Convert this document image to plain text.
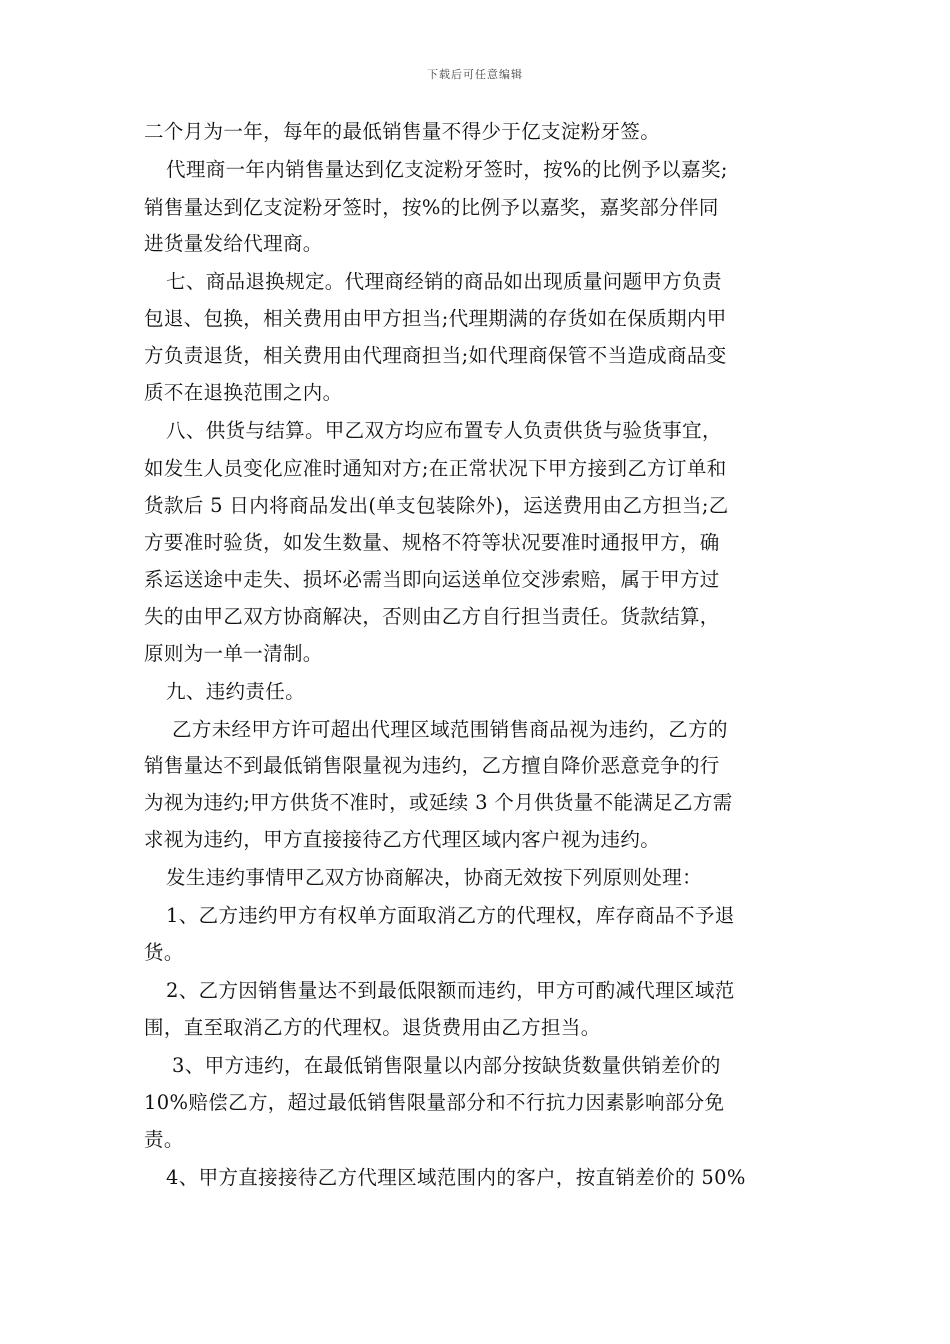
下载后可任意编辑
二个月为一年，每年的最低销售量不得少于亿支淀粉牙签。
代理商一年内销售量达到亿支淀粉牙签时，按%的比例予以嘉奖;
销售量达到亿支淀粉牙签时，按%的比例予以嘉奖，嘉奖部分伴同
进货量发给代理商。
七、商品退换规定。代理商经销的商品如出现质量问题甲方负责
包退、包换，相关费用由甲方担当;代理期满的存货如在保质期内甲
方负责退货，相关费用由代理商担当;如代理商保管不当造成商品变
质不在退换范围之内。
八、供货与结算。甲乙双方均应布置专人负责供货与验货事宜，
如发生人员变化应准时通知对方;在正常状况下甲方接到乙方订单和
货款后 5 日内将商品发出(单支包装除外)，运送费用由乙方担当;乙
方要准时验货，如发生数量、规格不符等状况要准时通报甲方，确
系运送途中走失、损坏必需当即向运送单位交涉索赔，属于甲方过
失的由甲乙双方协商解决，否则由乙方自行担当责任。货款结算，
原则为一单一清制。
九、违约责任。
乙方未经甲方许可超出代理区域范围销售商品视为违约，乙方的
销售量达不到最低销售限量视为违约，乙方擅自降价恶意竞争的行
为视为违约;甲方供货不准时，或延续 3 个月供货量不能满足乙方需
求视为违约，甲方直接接待乙方代理区域内客户视为违约。
发生违约事情甲乙双方协商解决，协商无效按下列原则处理：
1、乙方违约甲方有权单方面取消乙方的代理权，库存商品不予退
货。
2、乙方因销售量达不到最低限额而违约，甲方可酌减代理区域范
围，直至取消乙方的代理权。退货费用由乙方担当。
3、甲方违约，在最低销售限量以内部分按缺货数量供销差价的
10%赔偿乙方，超过最低销售限量部分和不行抗力因素影响部分免
责。
4、甲方直接接待乙方代理区域范围内的客户，按直销差价的 50%
